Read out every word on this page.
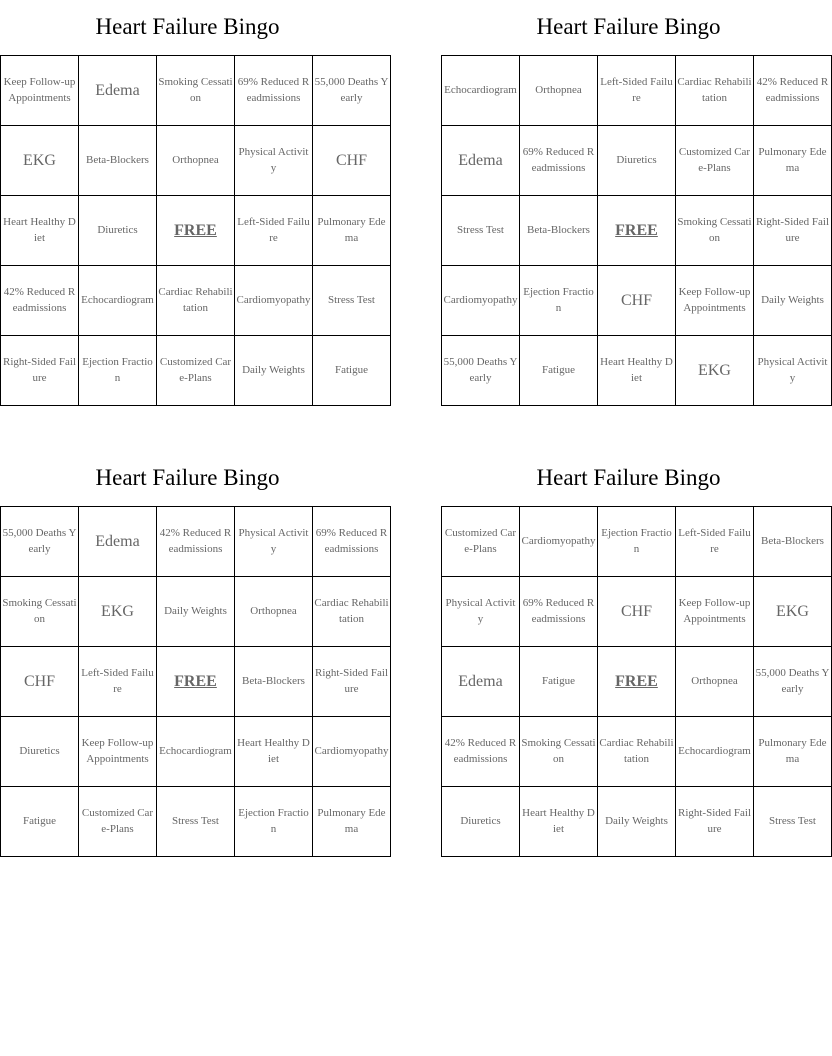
Heart Failure Bingo
Keep Follow-up Appointments	Edema	Smoking Cessation	69% Reduced Readmissions	55,000 Deaths Yearly
EKG	Beta-Blockers	Orthopnea	Physical Activity	CHF
Heart Healthy Diet	Diuretics	FREE	Left-Sided Failure	Pulmonary Edema
42% Reduced Readmissions	Echocardiogram	Cardiac Rehabilitation	Cardiomyopathy	Stress Test
Right-Sided Failure	Ejection Fraction	Customized Care-Plans	Daily Weights	Fatigue
Heart Failure Bingo
Echocardiogram	Orthopnea	Left-Sided Failure	Cardiac Rehabilitation	42% Reduced Readmissions
Edema	69% Reduced Readmissions	Diuretics	Customized Care-Plans	Pulmonary Edema
Stress Test	Beta-Blockers	FREE	Smoking Cessation	Right-Sided Failure
Cardiomyopathy	Ejection Fraction	CHF	Keep Follow-up Appointments	Daily Weights
55,000 Deaths Yearly	Fatigue	Heart Healthy Diet	EKG	Physical Activity
Heart Failure Bingo
55,000 Deaths Yearly	Edema	42% Reduced Readmissions	Physical Activity	69% Reduced Readmissions
Smoking Cessation	EKG	Daily Weights	Orthopnea	Cardiac Rehabilitation
CHF	Left-Sided Failure	FREE	Beta-Blockers	Right-Sided Failure
Diuretics	Keep Follow-up Appointments	Echocardiogram	Heart Healthy Diet	Cardiomyopathy
Fatigue	Customized Care-Plans	Stress Test	Ejection Fraction	Pulmonary Edema
Heart Failure Bingo
Customized Care-Plans	Cardiomyopathy	Ejection Fraction	Left-Sided Failure	Beta-Blockers
Physical Activity	69% Reduced Readmissions	CHF	Keep Follow-up Appointments	EKG
Edema	Fatigue	FREE	Orthopnea	55,000 Deaths Yearly
42% Reduced Readmissions	Smoking Cessation	Cardiac Rehabilitation	Echocardiogram	Pulmonary Edema
Diuretics	Heart Healthy Diet	Daily Weights	Right-Sided Failure	Stress Test
